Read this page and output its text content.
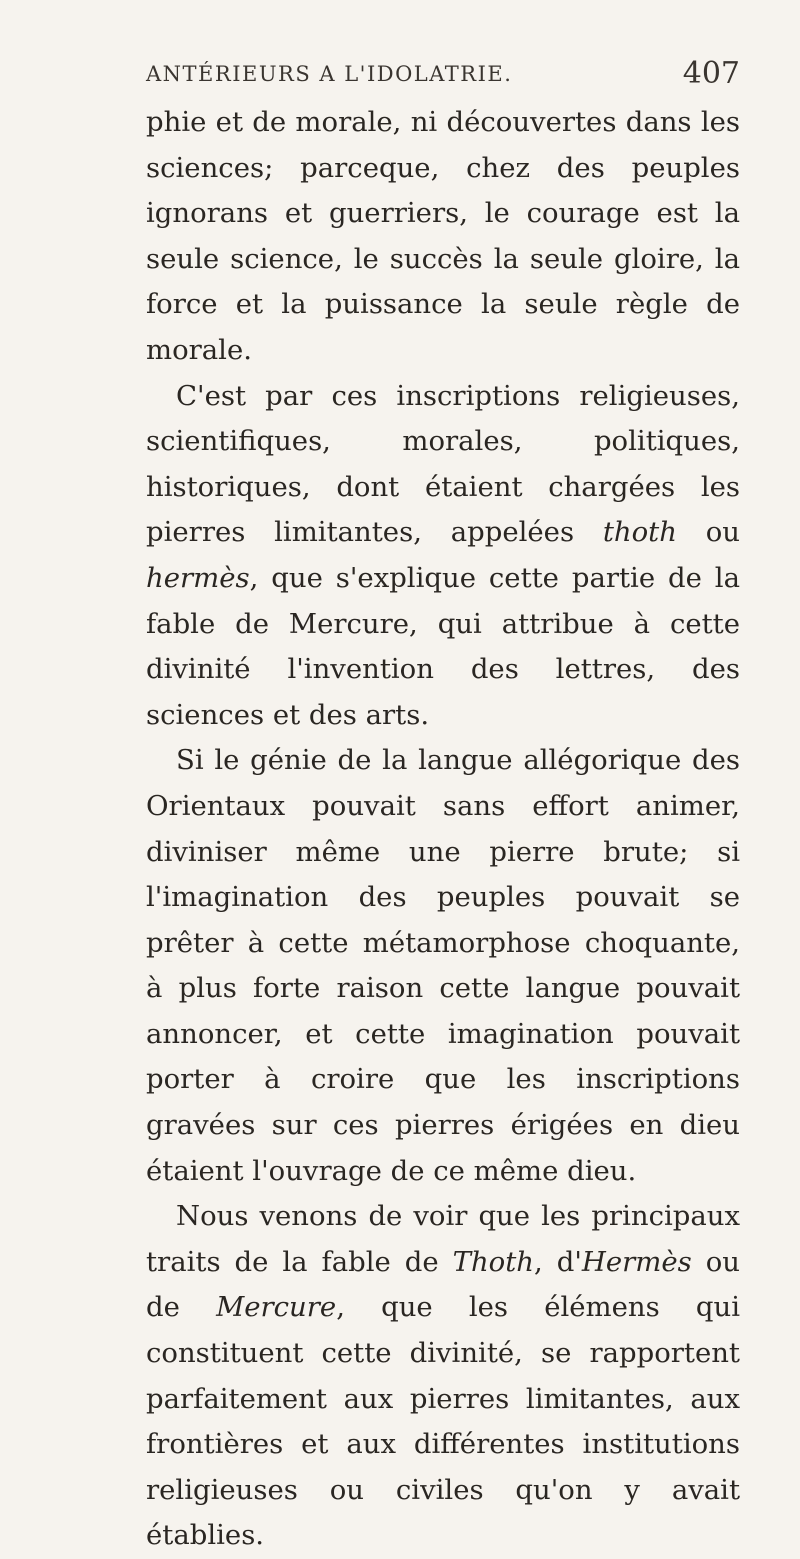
ANTÉRIEURS A L'IDOLATRIE.	407

phie et de morale, ni découvertes dans les sciences; parceque, chez des peuples ignorans et guerriers, le courage est la seule science, le succès la seule gloire, la force et la puissance la seule règle de morale.

C'est par ces inscriptions religieuses, scientifiques, morales, politiques, historiques, dont étaient chargées les pierres limitantes, appelées thoth ou hermès, que s'explique cette partie de la fable de Mercure, qui attribue à cette divinité l'invention des lettres, des sciences et des arts.

Si le génie de la langue allégorique des Orientaux pouvait sans effort animer, diviniser même une pierre brute; si l'imagination des peuples pouvait se prêter à cette métamorphose choquante, à plus forte raison cette langue pouvait annoncer, et cette imagination pouvait porter à croire que les inscriptions gravées sur ces pierres érigées en dieu étaient l'ouvrage de ce même dieu.

Nous venons de voir que les principaux traits de la fable de Thoth, d'Hermès ou de Mercure, que les élémens qui constituent cette divinité, se rapportent parfaitement aux pierres limitantes, aux frontières et aux différentes institutions religieuses ou civiles qu'on y avait établies.
